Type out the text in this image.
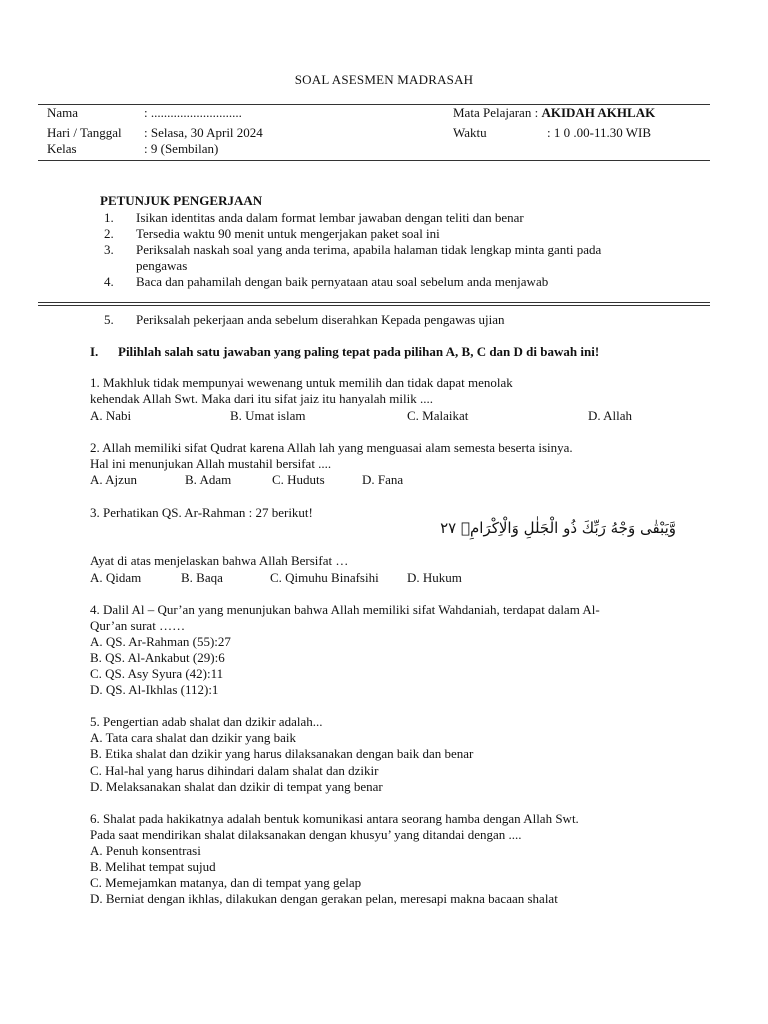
SOAL ASESMEN MADRASAH
Nama	: ............................	Mata Pelajaran : AKIDAH AKHLAK
Hari / Tanggal : Selasa, 30 April 2024	Waktu	: 1 0 .00-11.30 WIB
Kelas	: 9 (Sembilan)
PETUNJUK PENGERJAAN
1. Isikan identitas anda dalam format lembar jawaban dengan teliti dan benar
2. Tersedia waktu 90 menit untuk mengerjakan paket soal ini
3. Periksalah naskah soal yang anda terima, apabila halaman tidak lengkap minta ganti pada
pengawas
4. Baca dan pahamilah dengan baik pernyataan atau soal sebelum anda menjawab
5. Periksalah pekerjaan anda sebelum diserahkan Kepada pengawas ujian
I. Pilihlah salah satu jawaban yang paling tepat pada pilihan A, B, C dan D di bawah ini!
1. Makhluk tidak mempunyai wewenang untuk memilih dan tidak dapat menolak
kehendak Allah Swt. Maka dari itu sifat jaiz itu hanyalah milik ....
A. Nabi	B. Umat islam	C. Malaikat	D. Allah
2. Allah memiliki sifat Qudrat karena Allah lah yang menguasai alam semesta beserta isinya.
Hal ini menunjukan Allah mustahil bersifat ....
A. Ajzun	B. Adam	C. Huduts	D. Fana
3. Perhatikan QS. Ar-Rahman : 27 berikut!
وَّيَبْقٰى وَجْهُ رَبِّكَ ذُو الْجَلٰلِ وَالْاِكْرَامِۚ ٢٧
Ayat di atas menjelaskan bahwa Allah Bersifat …
A. Qidam	B. Baqa	C. Qimuhu Binafsihi D. Hukum
4. Dalil Al – Qur’an yang menunjukan bahwa Allah memiliki sifat Wahdaniah, terdapat dalam Al-
Qur’an surat ……
A. QS. Ar-Rahman (55):27
B. QS. Al-Ankabut (29):6
C. QS. Asy Syura (42):11
D. QS. Al-Ikhlas (112):1
5. Pengertian adab shalat dan dzikir adalah...
A. Tata cara shalat dan dzikir yang baik
B. Etika shalat dan dzikir yang harus dilaksanakan dengan baik dan benar
C. Hal-hal yang harus dihindari dalam shalat dan dzikir
D. Melaksanakan shalat dan dzikir di tempat yang benar
6. Shalat pada hakikatnya adalah bentuk komunikasi antara seorang hamba dengan Allah Swt.
Pada saat mendirikan shalat dilaksanakan dengan khusyu’ yang ditandai dengan ....
A. Penuh konsentrasi
B. Melihat tempat sujud
C. Memejamkan matanya, dan di tempat yang gelap
D. Berniat dengan ikhlas, dilakukan dengan gerakan pelan, meresapi makna bacaan shalat
